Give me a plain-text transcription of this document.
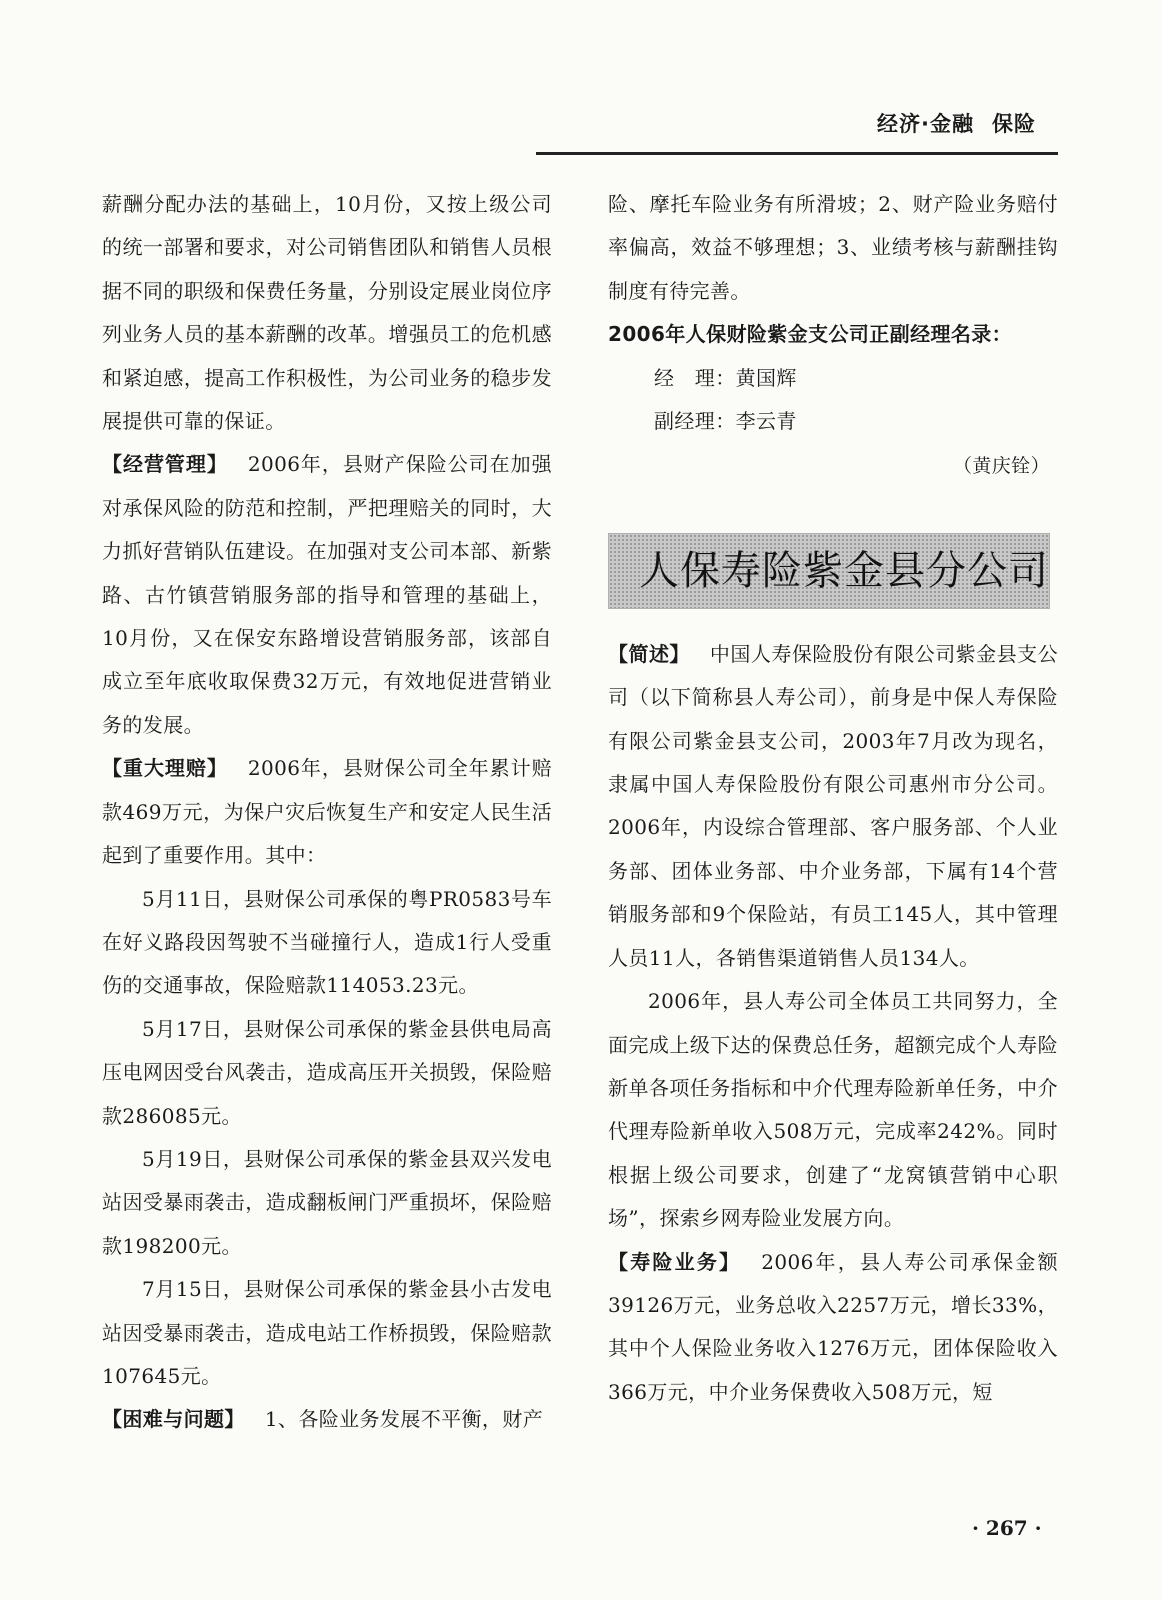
经济·金融 保险

薪酬分配办法的基础上，10月份，又按上级公司的统一部署和要求，对公司销售团队和销售人员根据不同的职级和保费任务量，分别设定展业岗位序列业务人员的基本薪酬的改革。增强员工的危机感和紧迫感，提高工作积极性，为公司业务的稳步发展提供可靠的保证。

【经营管理】 2006年，县财产保险公司在加强对承保风险的防范和控制，严把理赔关的同时，大力抓好营销队伍建设。在加强对支公司本部、新紫路、古竹镇营销服务部的指导和管理的基础上，10月份，又在保安东路增设营销服务部，该部自成立至年底收取保费32万元，有效地促进营销业务的发展。

【重大理赔】 2006年，县财保公司全年累计赔款469万元，为保户灾后恢复生产和安定人民生活起到了重要作用。其中：

5月11日，县财保公司承保的粤PR0583号车在好义路段因驾驶不当碰撞行人，造成1行人受重伤的交通事故，保险赔款114053.23元。

5月17日，县财保公司承保的紫金县供电局高压电网因受台风袭击，造成高压开关损毁，保险赔款286085元。

5月19日，县财保公司承保的紫金县双兴发电站因受暴雨袭击，造成翻板闸门严重损坏，保险赔款198200元。

7月15日，县财保公司承保的紫金县小古发电站因受暴雨袭击，造成电站工作桥损毁，保险赔款107645元。

【困难与问题】 1、各险业务发展不平衡，财产

险、摩托车险业务有所滑坡；2、财产险业务赔付率偏高，效益不够理想；3、业绩考核与薪酬挂钩制度有待完善。

2006年人保财险紫金支公司正副经理名录：

经　理：黄国辉

副经理：李云青

（黄庆铨）

人保寿险紫金县分公司

【简述】 中国人寿保险股份有限公司紫金县支公司（以下简称县人寿公司），前身是中保人寿保险有限公司紫金县支公司，2003年7月改为现名，隶属中国人寿保险股份有限公司惠州市分公司。2006年，内设综合管理部、客户服务部、个人业务部、团体业务部、中介业务部，下属有14个营销服务部和9个保险站，有员工145人，其中管理人员11人，各销售渠道销售人员134人。

2006年，县人寿公司全体员工共同努力，全面完成上级下达的保费总任务，超额完成个人寿险新单各项任务指标和中介代理寿险新单任务，中介代理寿险新单收入508万元，完成率242%。同时根据上级公司要求，创建了“龙窝镇营销中心职场”，探索乡网寿险业发展方向。

【寿险业务】 2006年，县人寿公司承保金额39126万元，业务总收入2257万元，增长33%，其中个人保险业务收入1276万元，团体保险收入366万元，中介业务保费收入508万元，短

· 267 ·
